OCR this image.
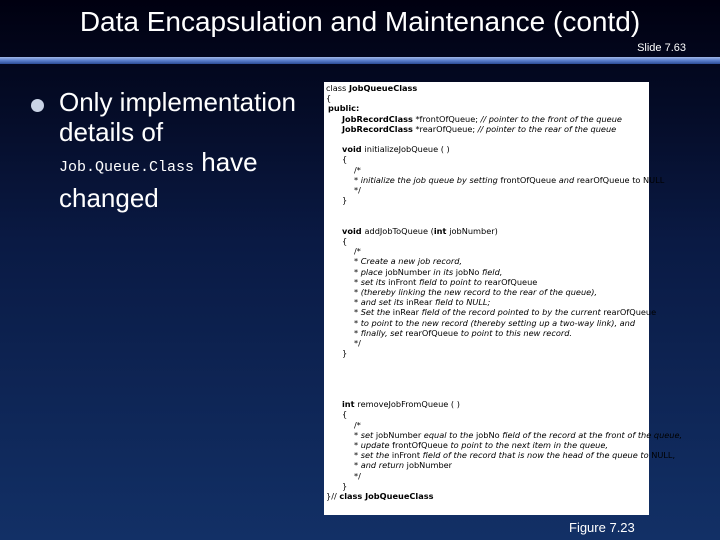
Data Encapsulation and Maintenance (contd)
Slide 7.63
Only implementation details of
Job.Queue.Class have changed
class JobQueueClass
{
public:
JobRecordClass *frontOfQueue; // pointer to the front of the queue
JobRecordClass *rearOfQueue; // pointer to the rear of the queue
void initializeJobQueue ( )
{
/*
* initialize the job queue by setting frontOfQueue and rearOfQueue to NULL
*/
}
void addJobToQueue (int jobNumber)
{
/*
* Create a new job record,
* place jobNumber in its jobNo field,
* set its inFront field to point to rearOfQueue
* (thereby linking the new record to the rear of the queue),
* and set its inRear field to NULL;
* Set the inRear field of the record pointed to by the current rearOfQueue
* to point to the new record (thereby setting up a two-way link), and
* finally, set rearOfQueue to point to this new record.
*/
}
int removeJobFromQueue ( )
{
/*
* set jobNumber equal to the jobNo field of the record at the front of the queue,
* update frontOfQueue to point to the next item in the queue,
* set the inFront field of the record that is now the head of the queue to NULL,
* and return jobNumber
*/
}
}// class JobQueueClass
Figure 7.23
